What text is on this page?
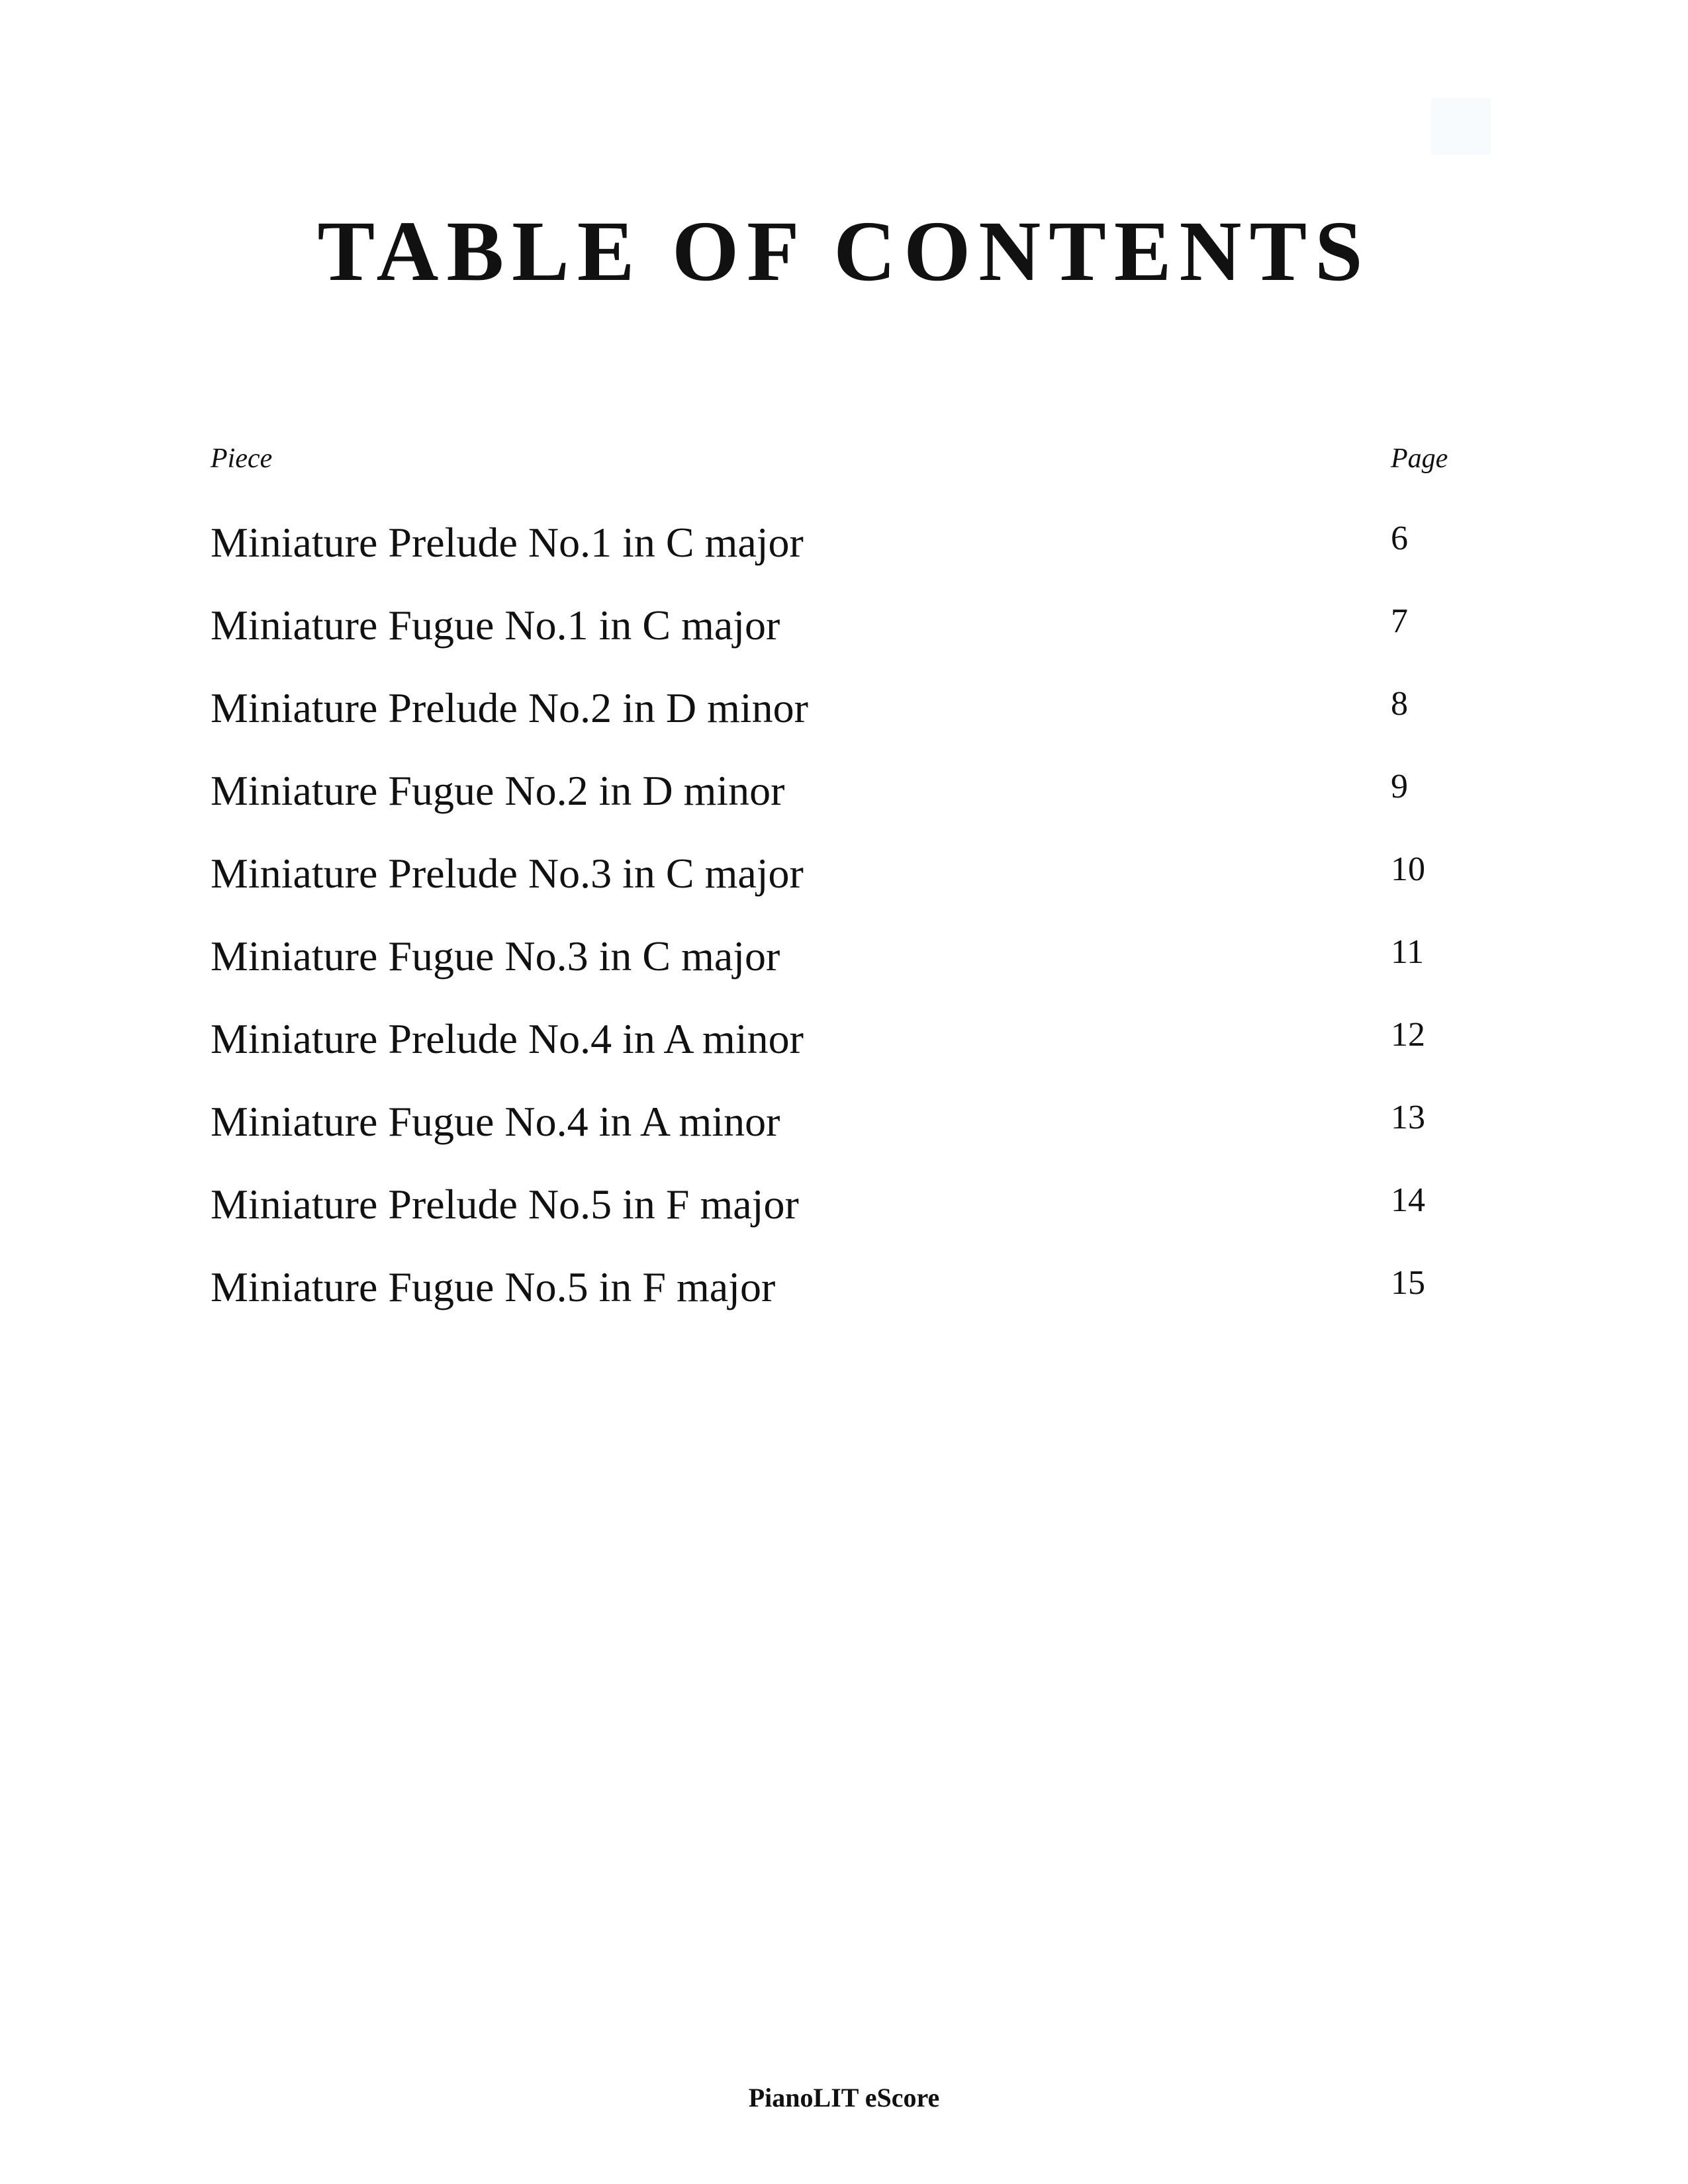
TABLE OF CONTENTS
Piece	Page
Miniature Prelude No.1 in C major	6
Miniature Fugue No.1 in C major	7
Miniature Prelude No.2 in D minor	8
Miniature Fugue No.2 in D minor	9
Miniature Prelude No.3 in C major	10
Miniature Fugue No.3 in C major	11
Miniature Prelude No.4 in A minor	12
Miniature Fugue No.4 in A minor	13
Miniature Prelude No.5 in F major	14
Miniature Fugue No.5 in F major	15
PianoLIT eScore
